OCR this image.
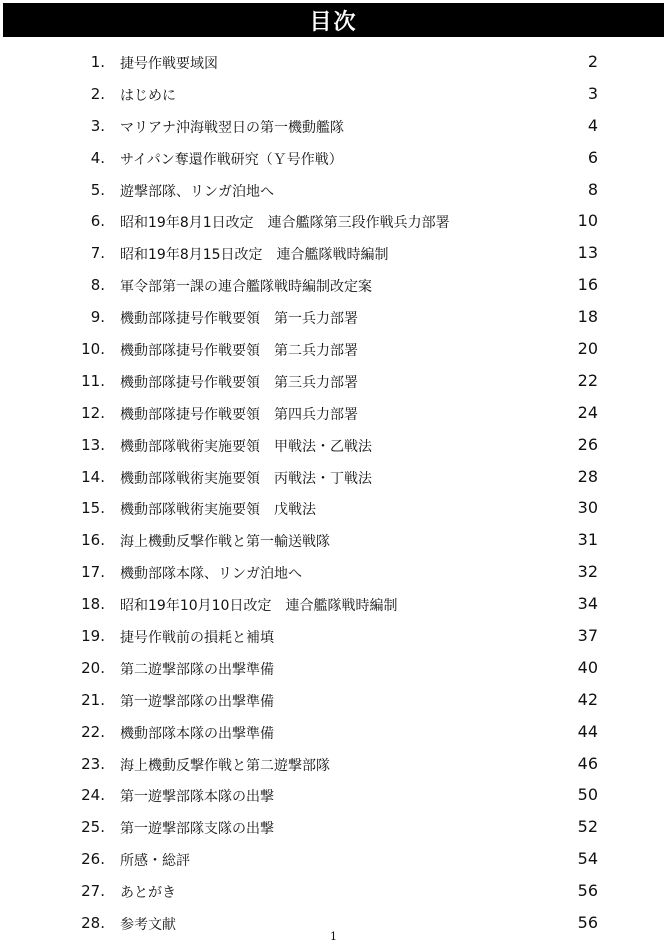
目次
1. 捷号作戦要域図	2
2. はじめに	3
3. マリアナ沖海戦翌日の第一機動艦隊	4
4. サイパン奪還作戦研究（Ｙ号作戦）	6
5. 遊撃部隊、リンガ泊地へ	8
6. 昭和19年8月1日改定　連合艦隊第三段作戦兵力部署	10
7. 昭和19年8月15日改定　連合艦隊戦時編制	13
8. 軍令部第一課の連合艦隊戦時編制改定案	16
9. 機動部隊捷号作戦要領　第一兵力部署	18
10. 機動部隊捷号作戦要領　第二兵力部署	20
11. 機動部隊捷号作戦要領　第三兵力部署	22
12. 機動部隊捷号作戦要領　第四兵力部署	24
13. 機動部隊戦術実施要領　甲戦法・乙戦法	26
14. 機動部隊戦術実施要領　丙戦法・丁戦法	28
15. 機動部隊戦術実施要領　戊戦法	30
16. 海上機動反撃作戦と第一輸送戦隊	31
17. 機動部隊本隊、リンガ泊地へ	32
18. 昭和19年10月10日改定　連合艦隊戦時編制	34
19. 捷号作戦前の損耗と補填	37
20. 第二遊撃部隊の出撃準備	40
21. 第一遊撃部隊の出撃準備	42
22. 機動部隊本隊の出撃準備	44
23. 海上機動反撃作戦と第二遊撃部隊	46
24. 第一遊撃部隊本隊の出撃	50
25. 第一遊撃部隊支隊の出撃	52
26. 所感・総評	54
27. あとがき	56
28. 参考文献	56
1
